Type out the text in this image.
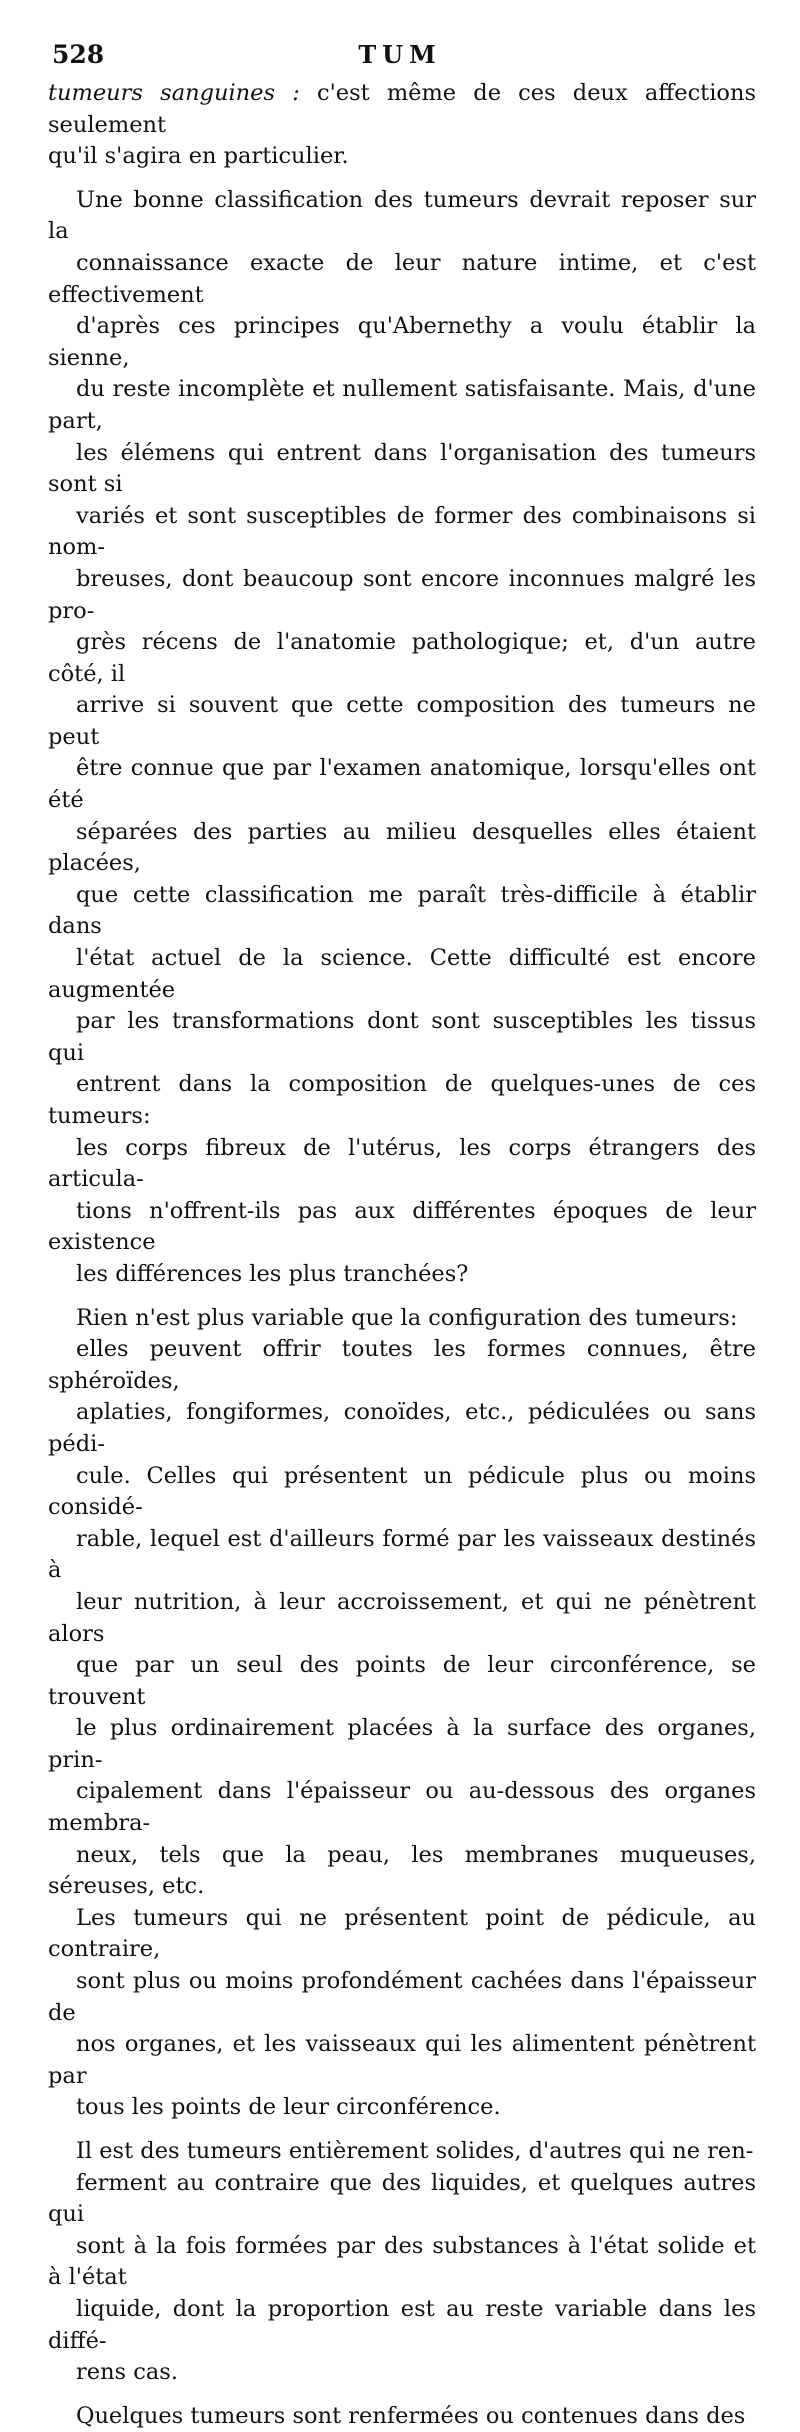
528	TUM

tumeurs sanguines : c'est même de ces deux affections seulement
qu'il s'agira en particulier.

Une bonne classification des tumeurs devrait reposer sur la
connaissance exacte de leur nature intime, et c'est effectivement
d'après ces principes qu'Abernethy a voulu établir la sienne,
du reste incomplète et nullement satisfaisante. Mais, d'une part,
les élémens qui entrent dans l'organisation des tumeurs sont si
variés et sont susceptibles de former des combinaisons si nom-
breuses, dont beaucoup sont encore inconnues malgré les pro-
grès récens de l'anatomie pathologique; et, d'un autre côté, il
arrive si souvent que cette composition des tumeurs ne peut
être connue que par l'examen anatomique, lorsqu'elles ont été
séparées des parties au milieu desquelles elles étaient placées,
que cette classification me paraît très-difficile à établir dans
l'état actuel de la science. Cette difficulté est encore augmentée
par les transformations dont sont susceptibles les tissus qui
entrent dans la composition de quelques-unes de ces tumeurs:
les corps fibreux de l'utérus, les corps étrangers des articula-
tions n'offrent-ils pas aux différentes époques de leur existence
les différences les plus tranchées?

Rien n'est plus variable que la configuration des tumeurs:
elles peuvent offrir toutes les formes connues, être sphéroïdes,
aplaties, fongiformes, conoïdes, etc., pédiculées ou sans pédi-
cule. Celles qui présentent un pédicule plus ou moins considé-
rable, lequel est d'ailleurs formé par les vaisseaux destinés à
leur nutrition, à leur accroissement, et qui ne pénètrent alors
que par un seul des points de leur circonférence, se trouvent
le plus ordinairement placées à la surface des organes, prin-
cipalement dans l'épaisseur ou au-dessous des organes membra-
neux, tels que la peau, les membranes muqueuses, séreuses, etc.
Les tumeurs qui ne présentent point de pédicule, au contraire,
sont plus ou moins profondément cachées dans l'épaisseur de
nos organes, et les vaisseaux qui les alimentent pénètrent par
tous les points de leur circonférence.

Il est des tumeurs entièrement solides, d'autres qui ne ren-
ferment au contraire que des liquides, et quelques autres qui
sont à la fois formées par des substances à l'état solide et à l'état
liquide, dont la proportion est au reste variable dans les diffé-
rens cas.

Quelques tumeurs sont renfermées ou contenues dans des
